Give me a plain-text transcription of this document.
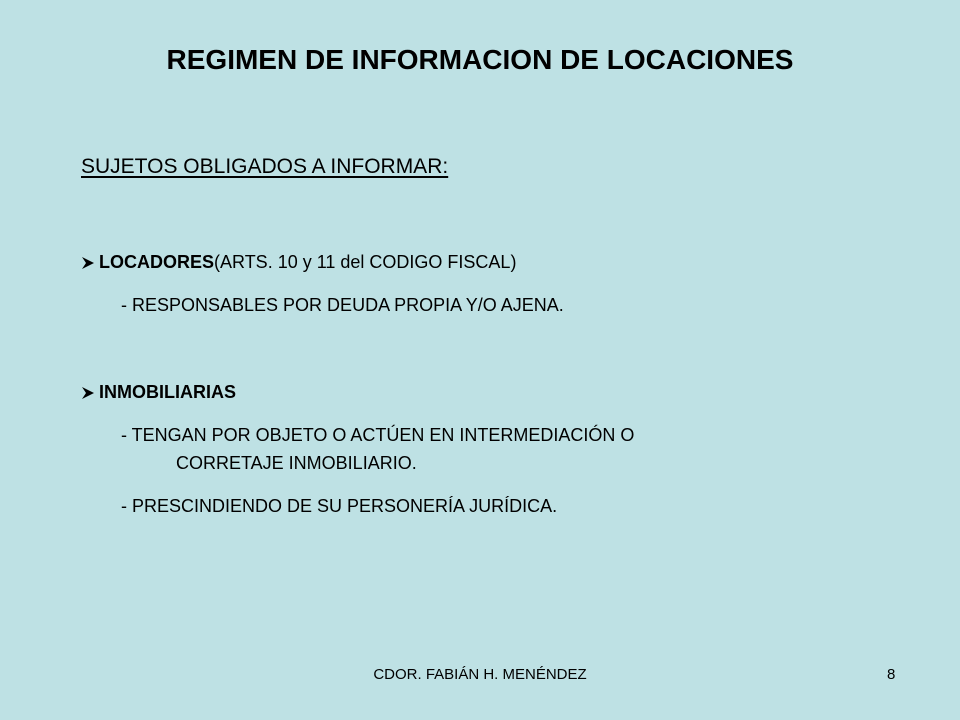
REGIMEN DE INFORMACION DE LOCACIONES
SUJETOS OBLIGADOS A INFORMAR:
LOCADORES (ARTS. 10 y 11 del CODIGO FISCAL)
- RESPONSABLES POR DEUDA PROPIA Y/O AJENA.
INMOBILIARIAS
- TENGAN POR OBJETO O ACTÚEN EN INTERMEDIACIÓN O
CORRETAJE INMOBILIARIO.
- PRESCINDIENDO DE SU PERSONERÍA JURÍDICA.
CDOR. FABIÁN H. MENÉNDEZ	8
